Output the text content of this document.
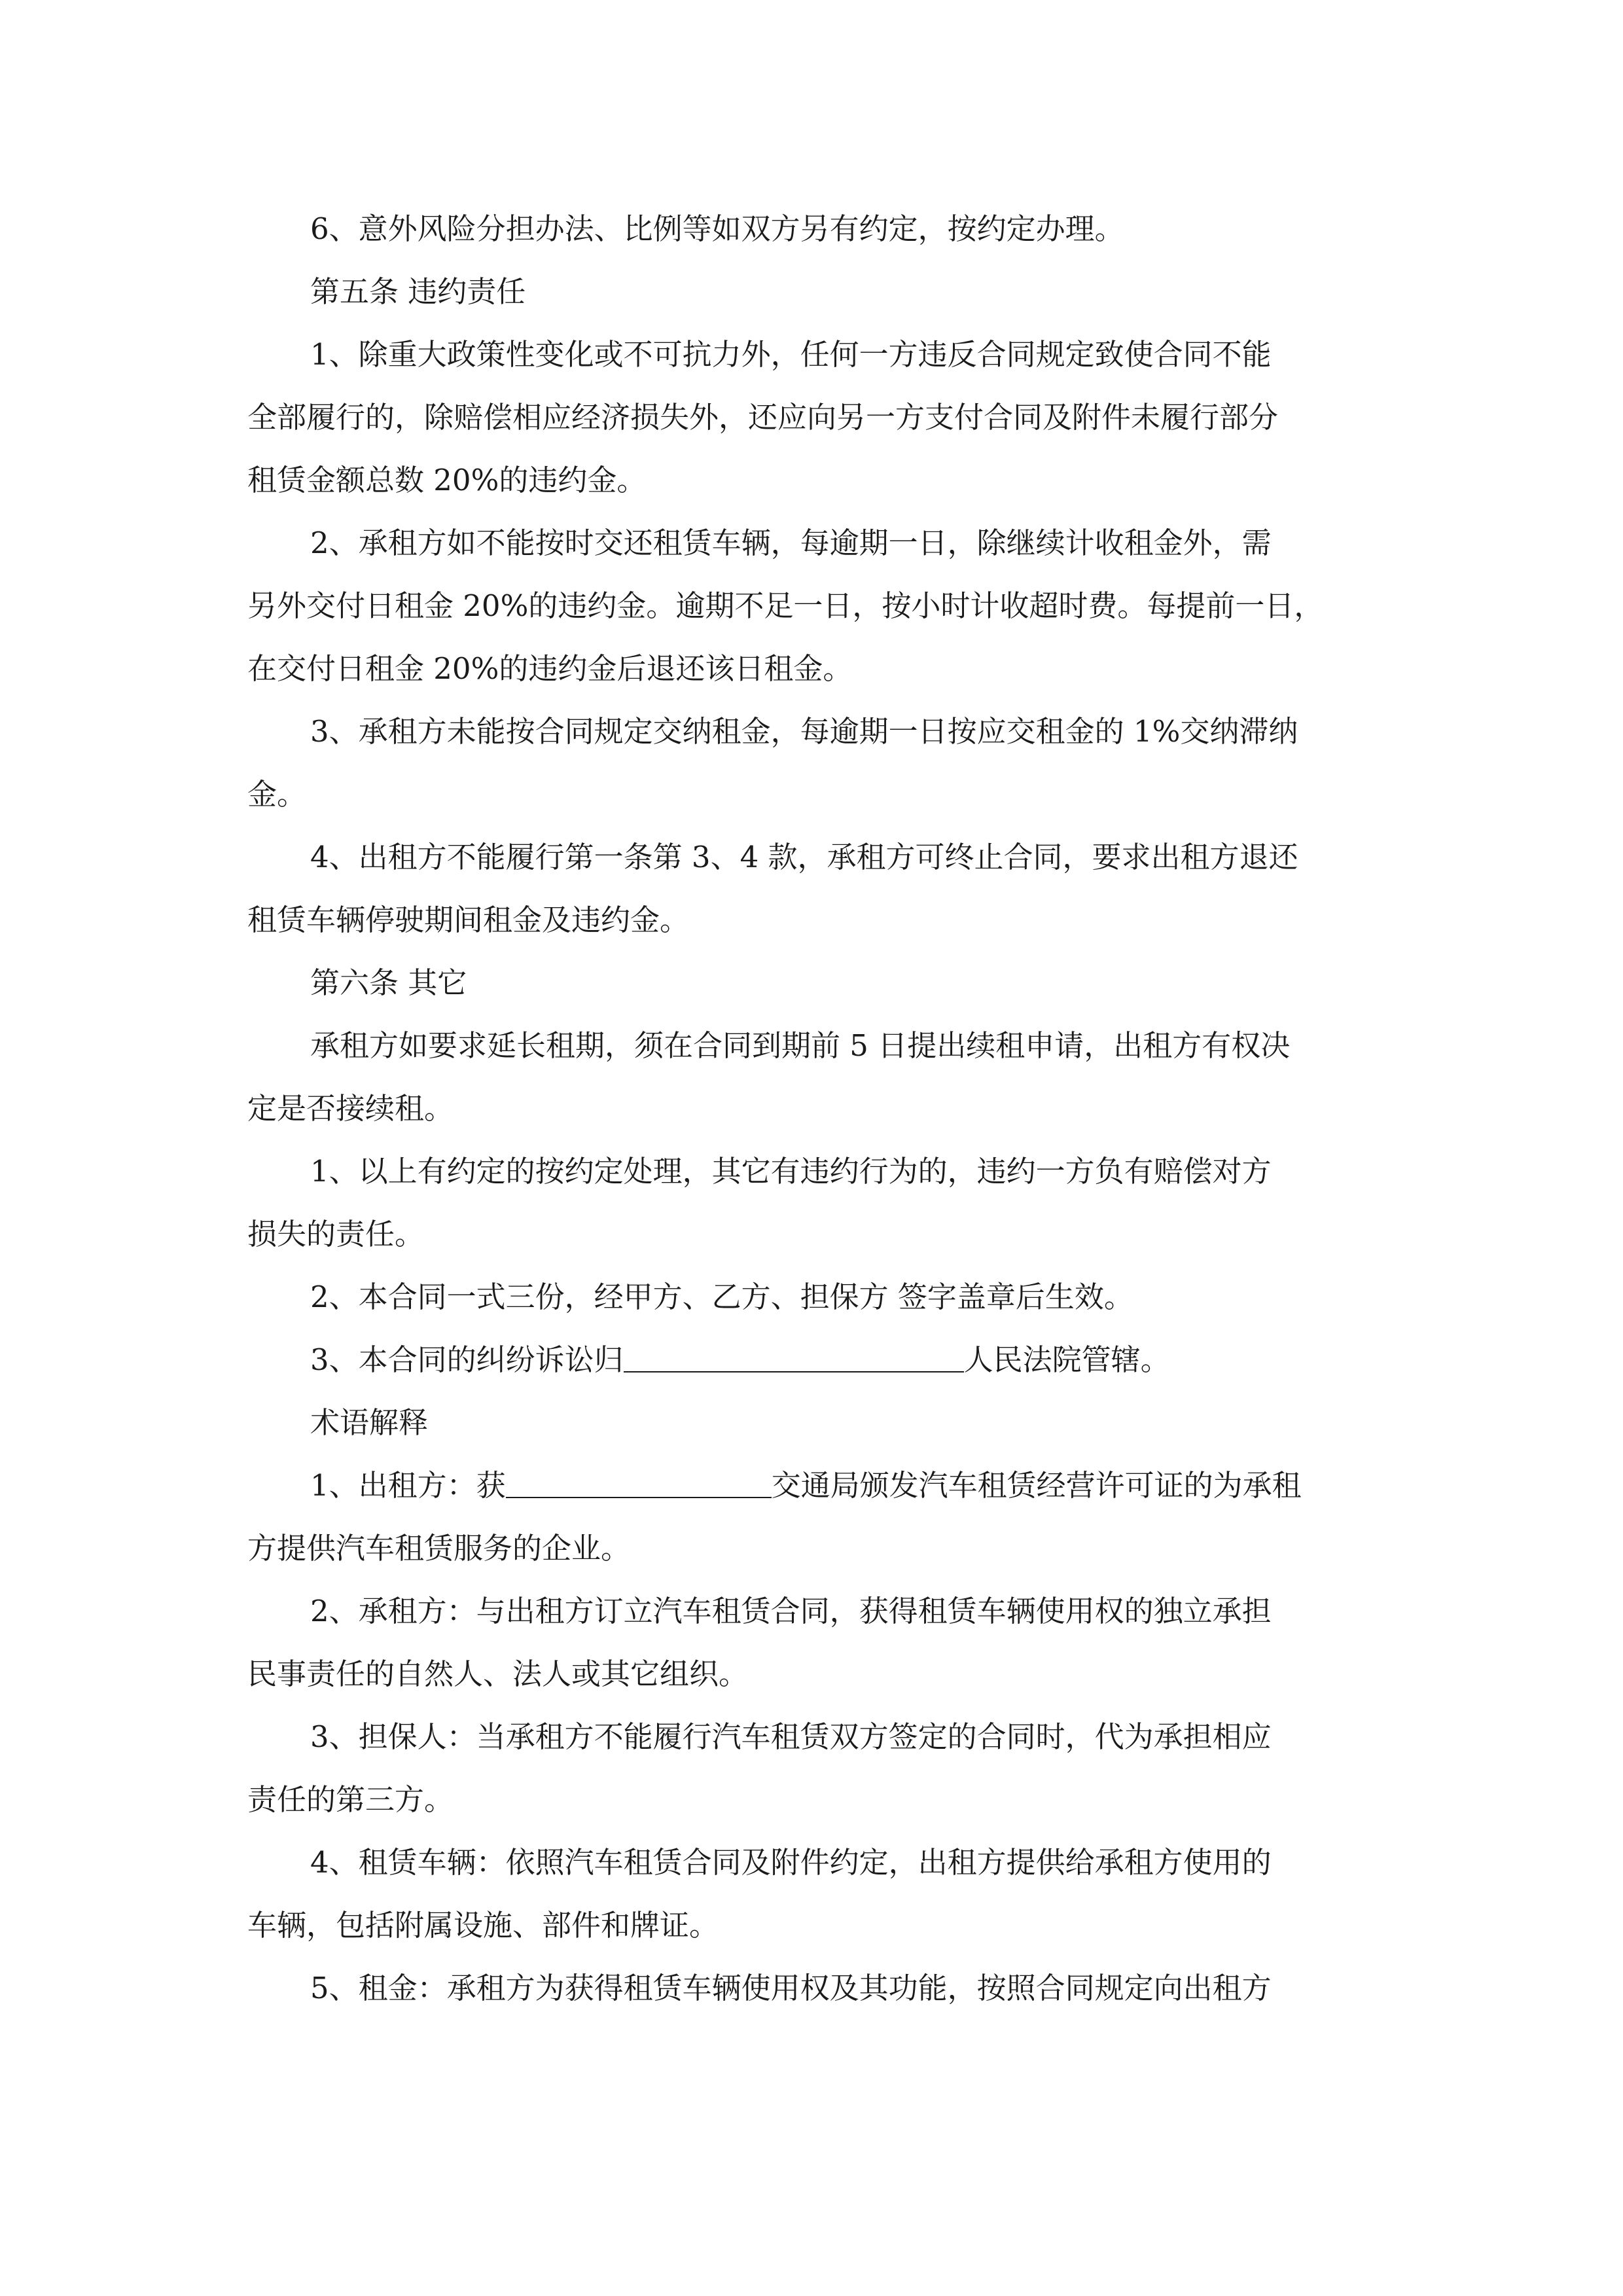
6、意外风险分担办法、比例等如双方另有约定，按约定办理。
第五条 违约责任
1、除重大政策性变化或不可抗力外，任何一方违反合同规定致使合同不能
全部履行的，除赔偿相应经济损失外，还应向另一方支付合同及附件未履行部分
租赁金额总数 20%的违约金。
2、承租方如不能按时交还租赁车辆，每逾期一日，除继续计收租金外，需
另外交付日租金 20%的违约金。逾期不足一日，按小时计收超时费。每提前一日，
在交付日租金 20%的违约金后退还该日租金。
3、承租方未能按合同规定交纳租金，每逾期一日按应交租金的 1%交纳滞纳
金。
4、出租方不能履行第一条第 3、4 款，承租方可终止合同，要求出租方退还
租赁车辆停驶期间租金及违约金。
第六条 其它
承租方如要求延长租期，须在合同到期前 5 日提出续租申请，出租方有权决
定是否接续租。
1、以上有约定的按约定处理，其它有违约行为的，违约一方负有赔偿对方
损失的责任。
2、本合同一式三份，经甲方、乙方、担保方 签字盖章后生效。
3、本合同的纠纷诉讼归	人民法院管辖。
术语解释
1、出租方：获	交通局颁发汽车租赁经营许可证的为承租
方提供汽车租赁服务的企业。
2、承租方：与出租方订立汽车租赁合同，获得租赁车辆使用权的独立承担
民事责任的自然人、法人或其它组织。
3、担保人：当承租方不能履行汽车租赁双方签定的合同时，代为承担相应
责任的第三方。
4、租赁车辆：依照汽车租赁合同及附件约定，出租方提供给承租方使用的
车辆，包括附属设施、部件和牌证。
5、租金：承租方为获得租赁车辆使用权及其功能，按照合同规定向出租方
